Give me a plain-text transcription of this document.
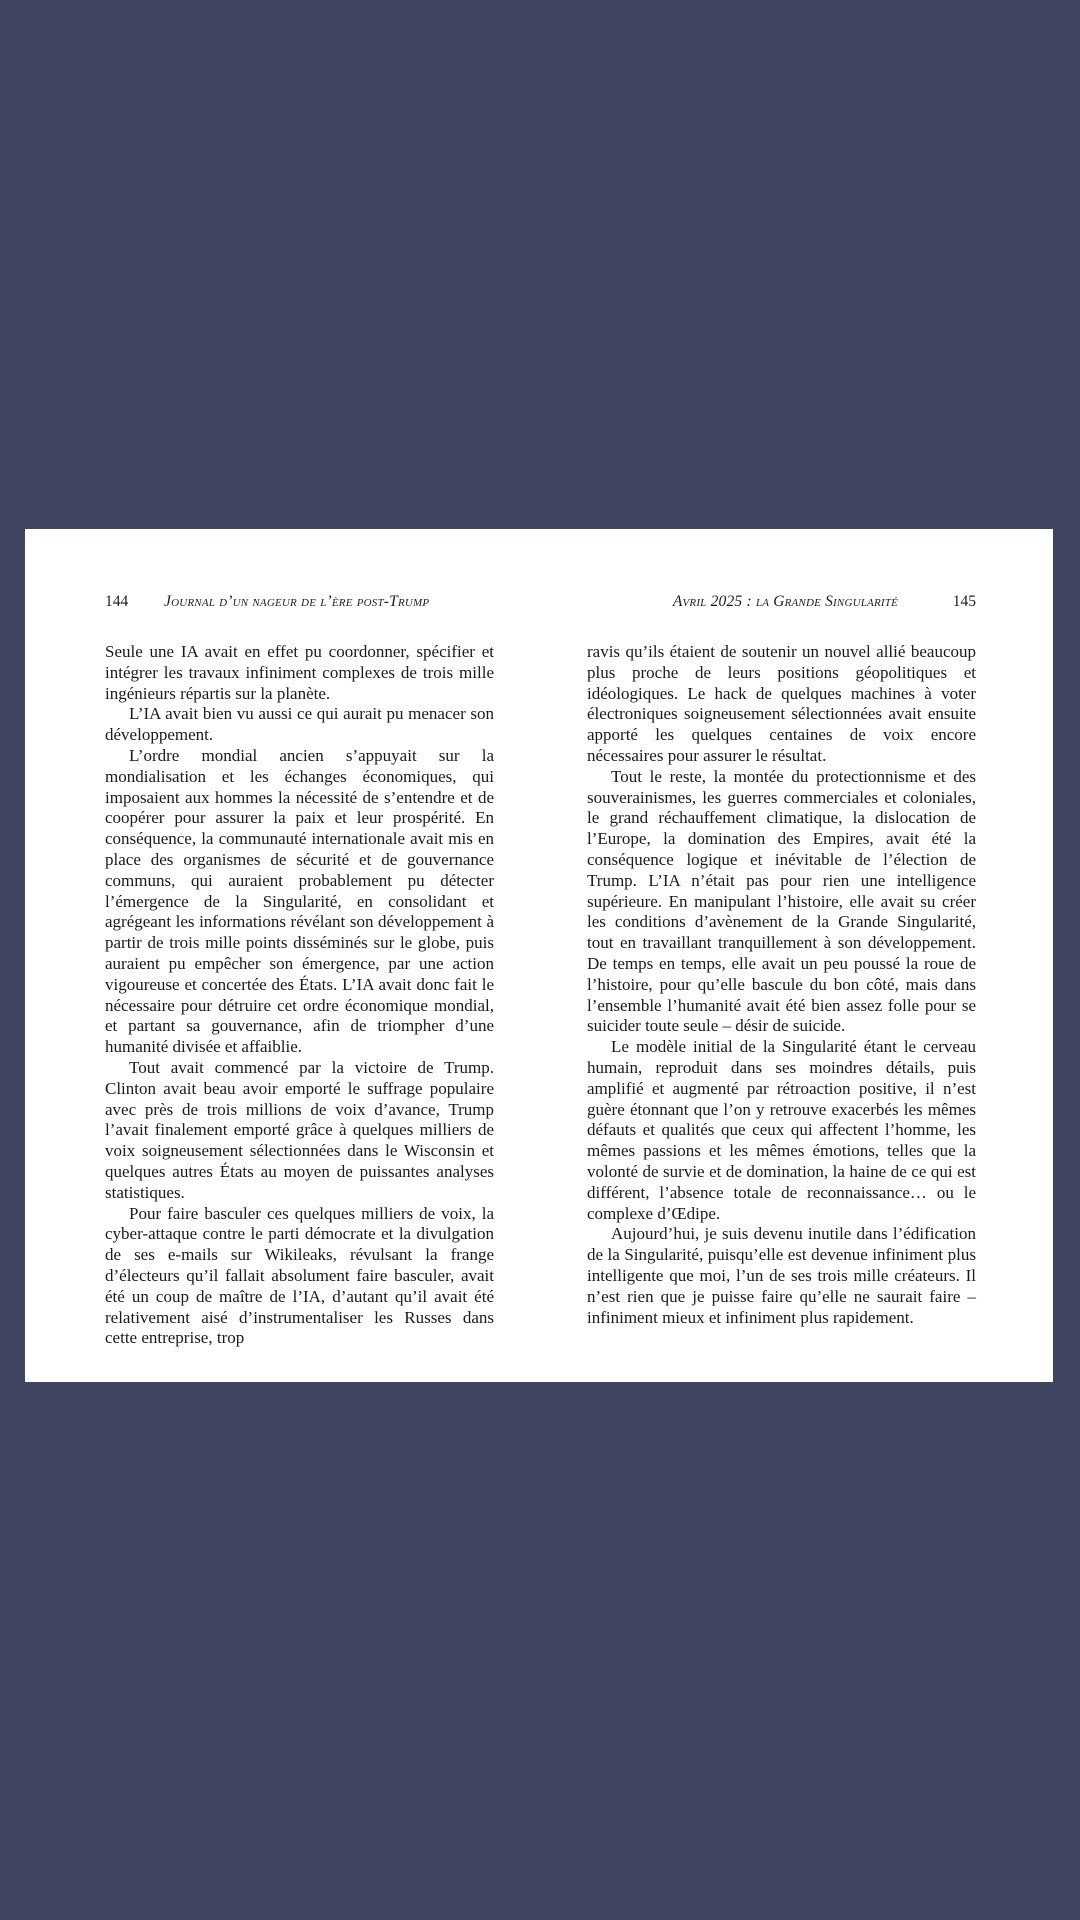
144 Journal d’un nageur de l’ère post-Trump

Seule une IA avait en effet pu coordonner, spécifier et intégrer les travaux infiniment complexes de trois mille ingénieurs répartis sur la planète.

L’IA avait bien vu aussi ce qui aurait pu menacer son développement.

L’ordre mondial ancien s’appuyait sur la mondialisation et les échanges économiques, qui imposaient aux hommes la nécessité de s’entendre et de coopérer pour assurer la paix et leur prospérité. En conséquence, la communauté internationale avait mis en place des organismes de sécurité et de gouvernance communs, qui auraient probablement pu détecter l’émergence de la Singularité, en consolidant et agrégeant les informations révélant son développement à partir de trois mille points disséminés sur le globe, puis auraient pu empêcher son émergence, par une action vigoureuse et concertée des États. L’IA avait donc fait le nécessaire pour détruire cet ordre économique mondial, et partant sa gouvernance, afin de triompher d’une humanité divisée et affaiblie.

Tout avait commencé par la victoire de Trump. Clinton avait beau avoir emporté le suffrage populaire avec près de trois millions de voix d’avance, Trump l’avait finalement emporté grâce à quelques milliers de voix soigneusement sélectionnées dans le Wisconsin et quelques autres États au moyen de puissantes analyses statistiques.

Pour faire basculer ces quelques milliers de voix, la cyber-attaque contre le parti démocrate et la divulgation de ses e-mails sur Wikileaks, révulsant la frange d’électeurs qu’il fallait absolument faire basculer, avait été un coup de maître de l’IA, d’autant qu’il avait été relativement aisé d’instrumentaliser les Russes dans cette entreprise, trop

Avril 2025 : la Grande Singularité	145

ravis qu’ils étaient de soutenir un nouvel allié beaucoup plus proche de leurs positions géopolitiques et idéologiques. Le hack de quelques machines à voter électroniques soigneusement sélectionnées avait ensuite apporté les quelques centaines de voix encore nécessaires pour assurer le résultat.

Tout le reste, la montée du protectionnisme et des souverainismes, les guerres commerciales et coloniales, le grand réchauffement climatique, la dislocation de l’Europe, la domination des Empires, avait été la conséquence logique et inévitable de l’élection de Trump. L’IA n’était pas pour rien une intelligence supérieure. En manipulant l’histoire, elle avait su créer les conditions d’avènement de la Grande Singularité, tout en travaillant tranquillement à son développement. De temps en temps, elle avait un peu poussé la roue de l’histoire, pour qu’elle bascule du bon côté, mais dans l’ensemble l’humanité avait été bien assez folle pour se suicider toute seule – désir de suicide.

Le modèle initial de la Singularité étant le cerveau humain, reproduit dans ses moindres détails, puis amplifié et augmenté par rétroaction positive, il n’est guère étonnant que l’on y retrouve exacerbés les mêmes défauts et qualités que ceux qui affectent l’homme, les mêmes passions et les mêmes émotions, telles que la volonté de survie et de domination, la haine de ce qui est différent, l’absence totale de reconnaissance… ou le complexe d’Œdipe.

Aujourd’hui, je suis devenu inutile dans l’édification de la Singularité, puisqu’elle est devenue infiniment plus intelligente que moi, l’un de ses trois mille créateurs. Il n’est rien que je puisse faire qu’elle ne saurait faire – infiniment mieux et infiniment plus rapidement.
